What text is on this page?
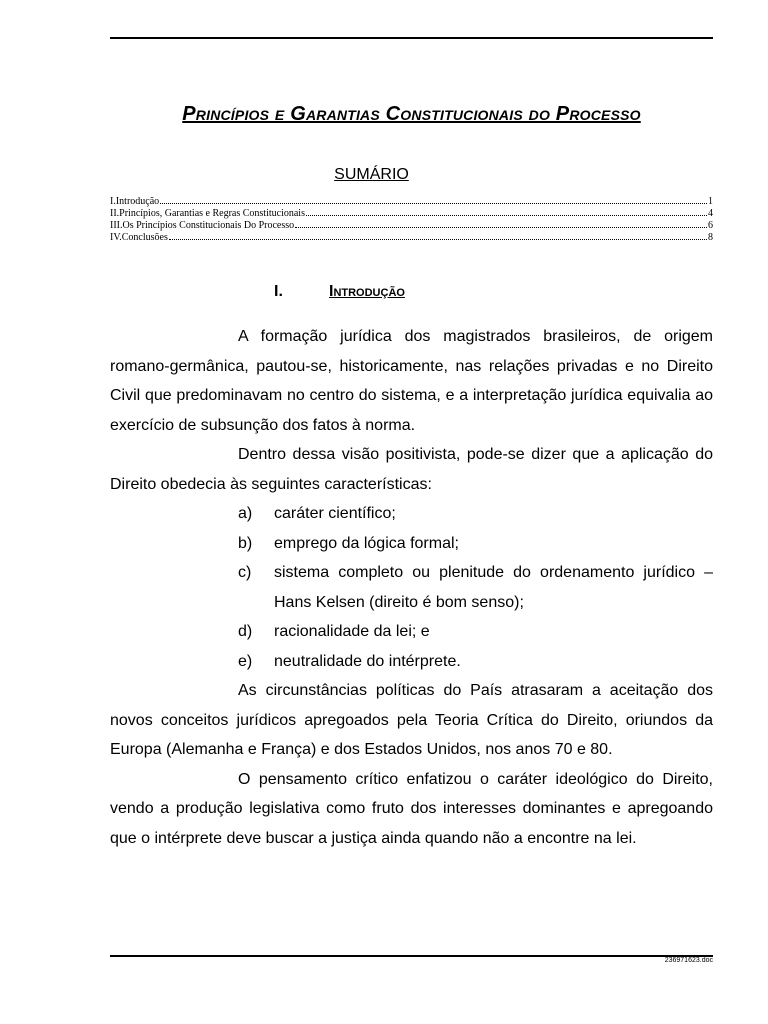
Princípios e Garantias Constitucionais do Processo
SUMÁRIO
I.Introdução	1
II.Princípios, Garantias e Regras Constitucionais	4
III.Os Princípios Constitucionais Do Processo	6
IV.Conclusões	8
I.	Introdução

A formação jurídica dos magistrados brasileiros, de origem romano-germânica, pautou-se, historicamente, nas relações privadas e no Direito Civil que predominavam no centro do sistema, e a interpretação jurídica equivalia ao exercício de subsunção dos fatos à norma.

Dentro dessa visão positivista, pode-se dizer que a aplicação do Direito obedecia às seguintes características:

a) caráter científico;
b) emprego da lógica formal;
c) sistema completo ou plenitude do ordenamento jurídico – Hans Kelsen (direito é bom senso);
d) racionalidade da lei; e
e) neutralidade do intérprete.

As circunstâncias políticas do País atrasaram a aceitação dos novos conceitos jurídicos apregoados pela Teoria Crítica do Direito, oriundos da Europa (Alemanha e França) e dos Estados Unidos, nos anos 70 e 80.

O pensamento crítico enfatizou o caráter ideológico do Direito, vendo a produção legislativa como fruto dos interesses dominantes e apregoando que o intérprete deve buscar a justiça ainda quando não a encontre na lei.

236971623.doc
